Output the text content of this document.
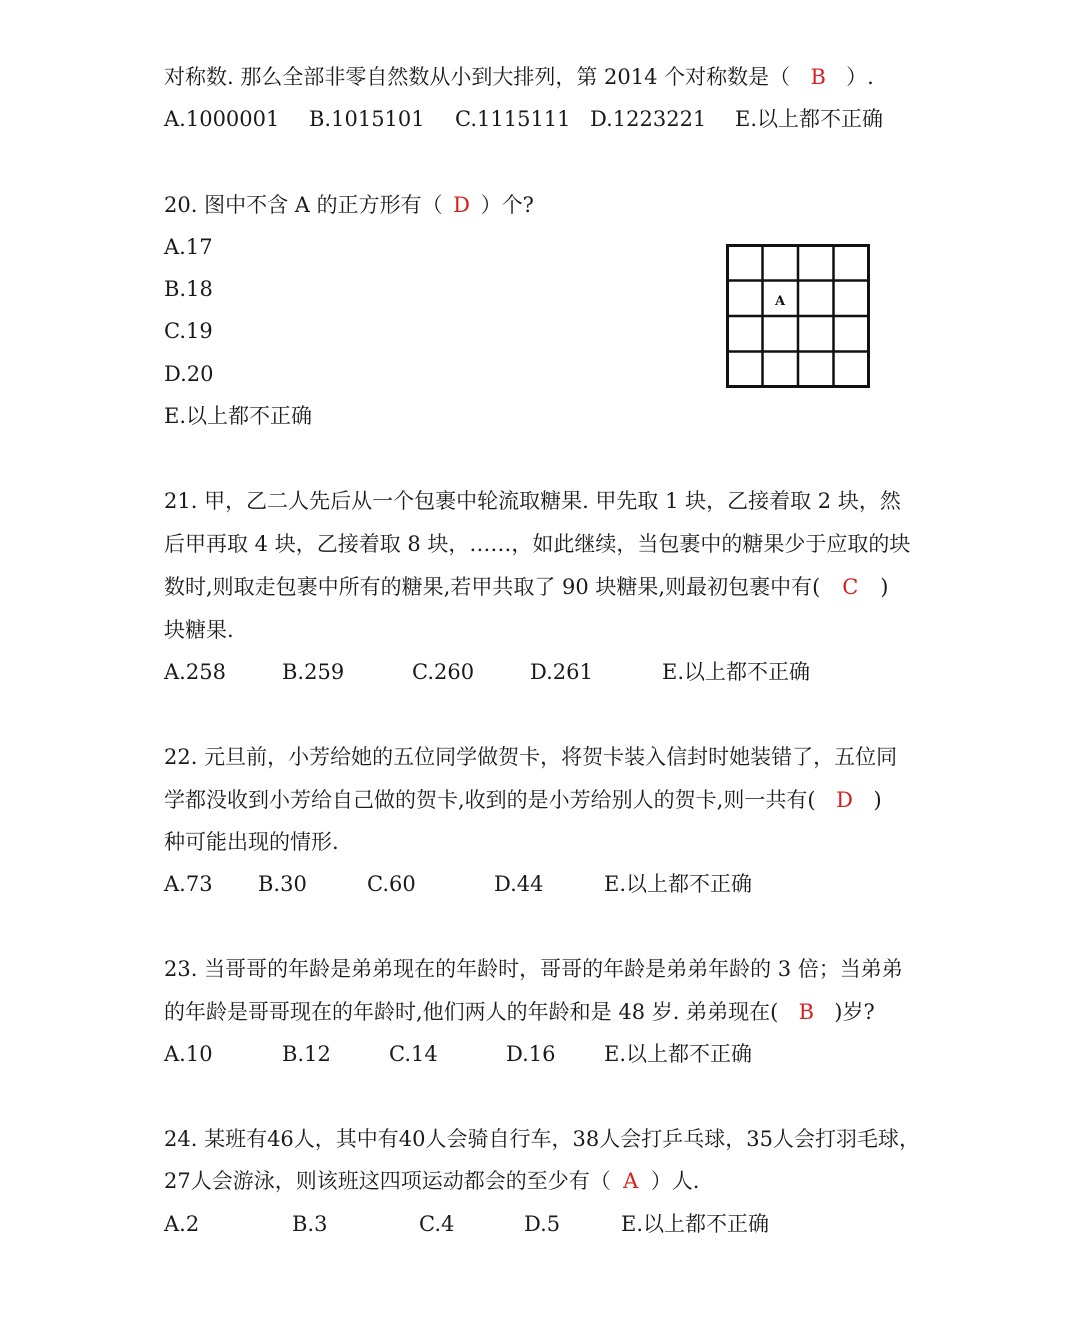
对称数. 那么全部非零自然数从小到大排列，第 2014 个对称数是（ B ）.
A.1000001 B.1015101 C.1115111 D.1223221 E.以上都不正确
20. 图中不含 A 的正方形有（ D ）个?
A.17
B.18
C.19
D.20
E.以上都不正确
A
21. 甲，乙二人先后从一个包裹中轮流取糖果. 甲先取 1 块，乙接着取 2 块，然
后甲再取 4 块，乙接着取 8 块，……，如此继续，当包裹中的糖果少于应取的块
数时,则取走包裹中所有的糖果,若甲共取了 90 块糖果,则最初包裹中有( C )
块糖果.
A.258	B.259	C.260	D.261	E.以上都不正确
22. 元旦前，小芳给她的五位同学做贺卡，将贺卡装入信封时她装错了，五位同
学都没收到小芳给自己做的贺卡,收到的是小芳给别人的贺卡,则一共有( D )
种可能出现的情形.
A.73 B.30	C.60	D.44	E.以上都不正确
23. 当哥哥的年龄是弟弟现在的年龄时，哥哥的年龄是弟弟年龄的 3 倍；当弟弟
的年龄是哥哥现在的年龄时,他们两人的年龄和是 48 岁. 弟弟现在( B )岁?
A.10	B.12	C.14	D.16 E.以上都不正确
24. 某班有46人，其中有40人会骑自行车，38人会打乒乓球，35人会打羽毛球，
27人会游泳，则该班这四项运动都会的至少有（ A ）人.
A.2	B.3	C.4	D.5	E.以上都不正确
